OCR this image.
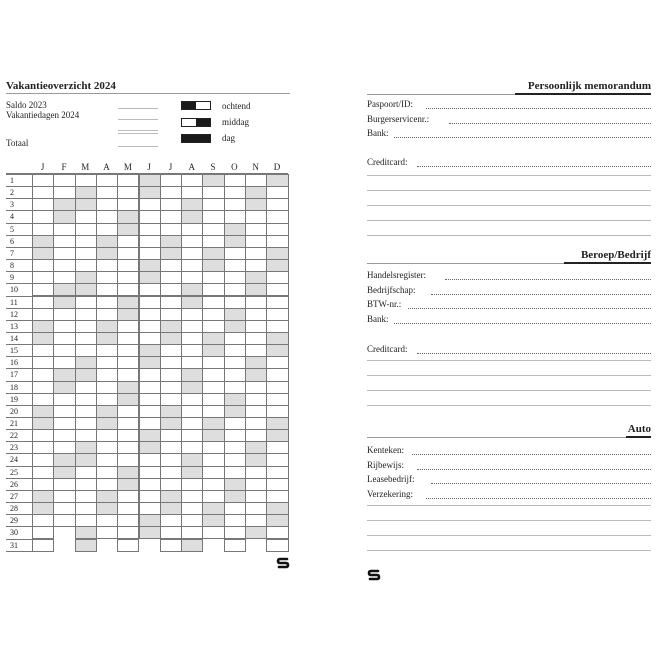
Vakantieoverzicht 2024
Saldo 2023
Vakantiedagen 2024
Totaal
ochtend
middag
dag
J	F	M	A	M	J	J	A	S	O	N	D
1
2
3
4
5
6
7
8
9
10
11
12
13
14
15
16
17
18
19
20
21
22
23
24
25
26
27
28
29
30
31
Persoonlijk memorandum
Paspoort/ID:
Burgerservicenr.:
Bank:
Creditcard:
Beroep/Bedrijf
Handelsregister:
Bedrijfschap:
BTW-nr.:
Bank:
Creditcard:
Auto
Kenteken:
Rijbewijs:
Leasebedrijf:
Verzekering:
